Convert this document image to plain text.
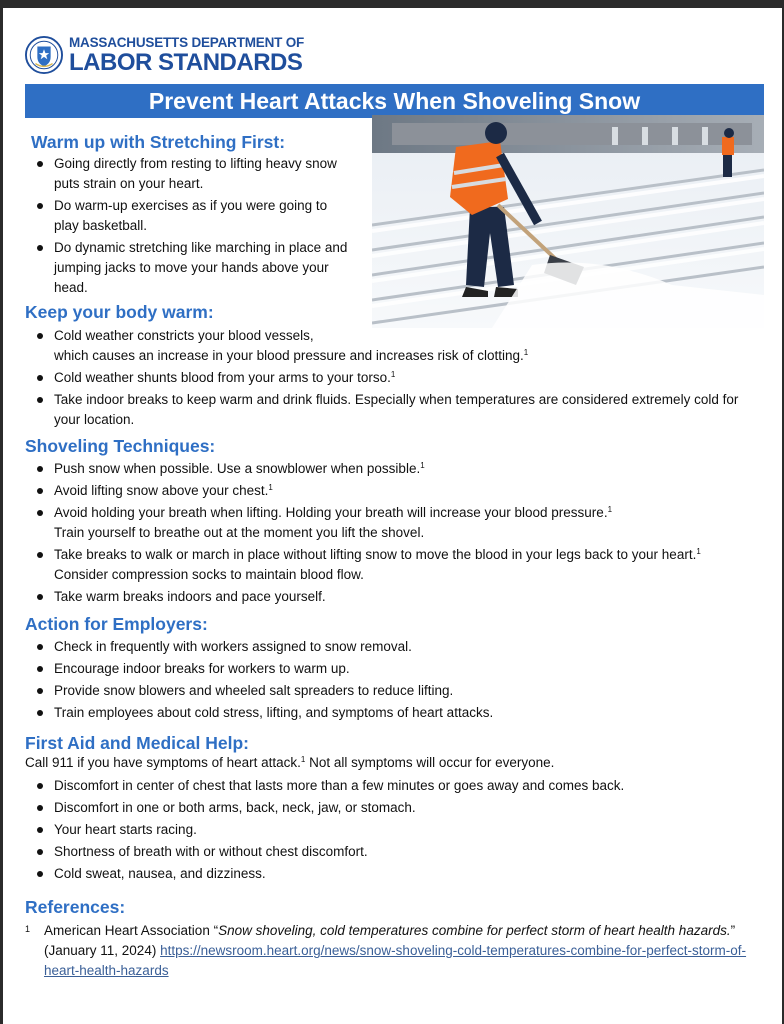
MASSACHUSETTS DEPARTMENT OF
LABOR STANDARDS
Prevent Heart Attacks When Shoveling Snow
Warm up with Stretching First:
Going directly from resting to lifting heavy snow puts strain on your heart.
Do warm-up exercises as if you were going to play basketball.
Do dynamic stretching like marching in place and jumping jacks to move your hands above your head.
Keep your body warm:
Cold weather constricts your blood vessels,
which causes an increase in your blood pressure and increases risk of clotting.$^1$
Cold weather shunts blood from your arms to your torso.$^1$
Take indoor breaks to keep warm and drink fluids. Especially when temperatures are considered extremely cold for your location.
Shoveling Techniques:
Push snow when possible. Use a snowblower when possible.$^1$
Avoid lifting snow above your chest.$^1$
Avoid holding your breath when lifting. Holding your breath will increase your blood pressure.$^1$
Train yourself to breathe out at the moment you lift the shovel.
Take breaks to walk or march in place without lifting snow to move the blood in your legs back to your heart.$^1$
Consider compression socks to maintain blood flow.
Take warm breaks indoors and pace yourself.
Action for Employers:
Check in frequently with workers assigned to snow removal.
Encourage indoor breaks for workers to warm up.
Provide snow blowers and wheeled salt spreaders to reduce lifting.
Train employees about cold stress, lifting, and symptoms of heart attacks.
First Aid and Medical Help:

Call 911 if you have symptoms of heart attack.$^1$ Not all symptoms will occur for everyone.

Discomfort in center of chest that lasts more than a few minutes or goes away and comes back.
Discomfort in one or both arms, back, neck, jaw, or stomach.
Your heart starts racing.
Shortness of breath with or without chest discomfort.
Cold sweat, nausea, and dizziness.
References:
1 American Heart Association “Snow shoveling, cold temperatures combine for perfect storm of heart health hazards.” (January 11, 2024) https://newsroom.heart.org/news/snow-shoveling-cold-temperatures-combine-for-perfect-storm-of-heart-health-hazards
